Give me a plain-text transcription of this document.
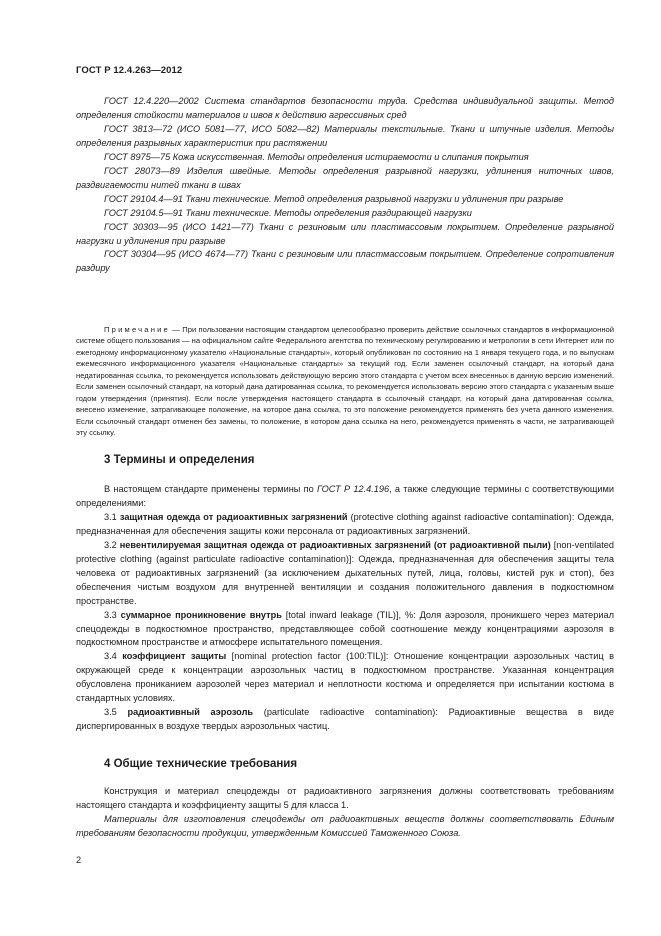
ГОСТ Р 12.4.263—2012

ГОСТ 12.4.220—2002 Система стандартов безопасности труда. Средства индивидуальной защиты. Метод определения стойкости материалов и швов к действию агрессивных сред

ГОСТ 3813—72 (ИСО 5081—77, ИСО 5082—82) Материалы текстильные. Ткани и штучные изделия. Методы определения разрывных характеристик при растяжении

ГОСТ 8975—75 Кожа искусственная. Методы определения истираемости и слипания покрытия

ГОСТ 28073—89 Изделия швейные. Методы определения разрывной нагрузки, удлинения ниточных швов, раздвигаемости нитей ткани в швах

ГОСТ 29104.4—91 Ткани технические. Метод определения разрывной нагрузки и удлинения при разрыве

ГОСТ 29104.5—91 Ткани технические. Методы определения раздирающей нагрузки

ГОСТ 30303—95 (ИСО 1421—77) Ткани с резиновым или пластмассовым покрытием. Определение разрывной нагрузки и удлинения при разрыве

ГОСТ 30304—95 (ИСО 4674—77) Ткани с резиновым или пластмассовым покрытием. Определение сопротивления раздиру

Примечание — При пользовании настоящим стандартом целесообразно проверить действие ссылочных стандартов в информационной системе общего пользования — на официальном сайте Федерального агентства по техническому регулированию и метрологии в сети Интернет или по ежегодному информационному указателю «Национальные стандарты», который опубликован по состоянию на 1 января текущего года, и по выпускам ежемесячного информационного указателя «Национальные стандарты» за текущий год. Если заменен ссылочный стандарт, на который дана недатированная ссылка, то рекомендуется использовать действующую версию этого стандарта с учетом всех внесенных в данную версию изменений. Если заменен ссылочный стандарт, на который дана датированная ссылка, то рекомендуется использовать версию этого стандарта с указанным выше годом утверждения (принятия). Если после утверждения настоящего стандарта в ссылочный стандарт, на который дана датированная ссылка, внесено изменение, затрагивающее положение, на которое дана ссылка, то это положение рекомендуется применять без учета данного изменения. Если ссылочный стандарт отменен без замены, то положение, в котором дана ссылка на него, рекомендуется применять в части, не затрагивающей эту ссылку.

3 Термины и определения

В настоящем стандарте применены термины по ГОСТ Р 12.4.196, а также следующие термины с соответствующими определениями:

3.1 защитная одежда от радиоактивных загрязнений (protective clothing against radioactive contamination): Одежда, предназначенная для обеспечения защиты кожи персонала от радиоактивных загрязнений.

3.2 невентилируемая защитная одежда от радиоактивных загрязнений (от радиоактивной пыли) [non-ventilated protective clothing (against particulate radioactive contamination)]: Одежда, предназначенная для обеспечения защиты тела человека от радиоактивных загрязнений (за исключением дыхательных путей, лица, головы, кистей рук и стоп), без обеспечения чистым воздухом для внутренней вентиляции и создания положительного давления в подкостюмном пространстве.

3.3 суммарное проникновение внутрь [total inward leakage (TIL)], %: Доля аэрозоля, проникшего через материал спецодежды в подкостюмное пространство, представляющее собой соотношение между концентрациями аэрозоля в подкостюмном пространстве и атмосфере испытательного помещения.

3.4 коэффициент защиты [nominal protection factor (100:TIL)]: Отношение концентрации аэрозольных частиц в окружающей среде к концентрации аэрозольных частиц в подкостюмном пространстве. Указанная концентрация обусловлена прониканием аэрозолей через материал и неплотности костюма и определяется при испытании костюма в стандартных условиях.

3.5 радиоактивный аэрозоль (particulate radioactive contamination): Радиоактивные вещества в виде диспергированных в воздухе твердых аэрозольных частиц.

4 Общие технические требования

Конструкция и материал спецодежды от радиоактивного загрязнения должны соответствовать требованиям настоящего стандарта и коэффициенту защиты 5 для класса 1.

Материалы для изготовления спецодежды от радиоактивных веществ должны соответствовать Единым требованиям безопасности продукции, утвержденным Комиссией Таможенного Союза.

2
